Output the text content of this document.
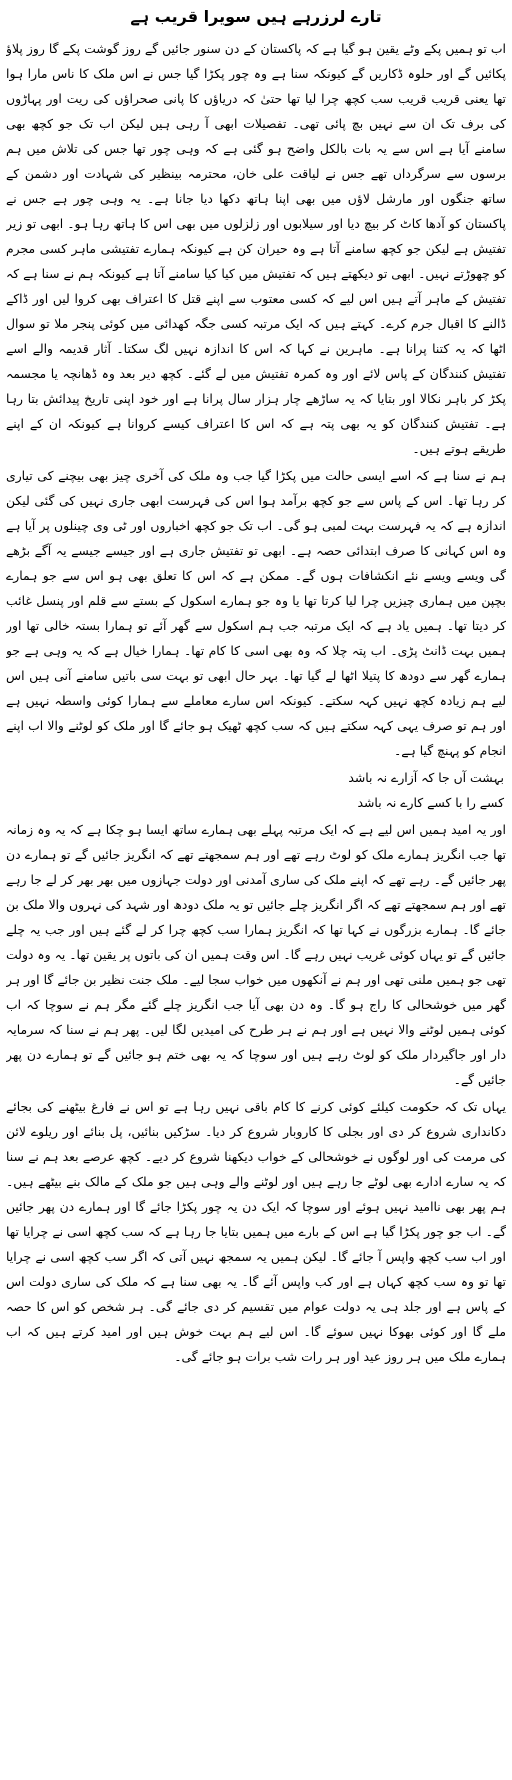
تارے لرزرہے ہیں سویرا قریب ہے

اب تو ہمیں پکے وٹے یقین ہو گیا ہے کہ پاکستان کے دن سنور جائیں گے روز گوشت پکے گا روز پلاؤ پکائیں گے اور حلوہ ڈکاریں گے کیونکہ سنا ہے وہ چور پکڑا گیا جس نے اس ملک کا ناس مارا ہوا تھا یعنی قریب قریب سب کچھ چرا لیا تھا حتیٰ کہ دریاؤں کا پانی صحراؤں کی ریت اور پہاڑوں کی برف تک ان سے نہیں بچ پائی تھی۔ تفصیلات ابھی آ رہی ہیں لیکن اب تک جو کچھ بھی سامنے آیا ہے اس سے یہ بات بالکل واضح ہو گئی ہے کہ وہی چور تھا جس کی تلاش میں ہم برسوں سے سرگرداں تھے جس نے لیاقت علی خان، محترمہ بینظیر کی شہادت اور دشمن کے ساتھ جنگوں اور مارشل لاؤں میں بھی اپنا ہاتھ دکھا دیا جانا ہے۔ یہ وہی چور ہے جس نے پاکستان کو آدھا کاٹ کر بیچ دیا اور سیلابوں اور زلزلوں میں بھی اس کا ہاتھ رہا ہو۔ ابھی تو زیر تفتیش ہے لیکن جو کچھ سامنے آتا ہے وہ حیران کن ہے کیونکہ ہمارے تفتیشی ماہر کسی مجرم کو چھوڑتے نہیں۔ ابھی تو دیکھتے ہیں کہ تفتیش میں کیا کیا سامنے آتا ہے کیونکہ ہم نے سنا ہے کہ تفتیش کے ماہر آتے ہیں اس لیے کہ کسی معتوب سے اپنے قتل کا اعتراف بھی کروا لیں اور ڈاکے ڈالنے کا اقبال جرم کرے۔ کہتے ہیں کہ ایک مرتبہ کسی جگہ کھدائی میں کوئی پنجر ملا تو سوال اٹھا کہ یہ کتنا پرانا ہے۔ ماہرین نے کہا کہ اس کا اندازہ نہیں لگ سکتا۔ آثار قدیمہ والے اسے تفتیش کنندگان کے پاس لائے اور وہ کمرہ تفتیش میں لے گئے۔ کچھ دیر بعد وہ ڈھانچہ یا مجسمہ پکڑ کر باہر نکالا اور بتایا کہ یہ ساڑھے چار ہزار سال پرانا ہے اور خود اپنی تاریخ پیدائش بتا رہا ہے۔ تفتیش کنندگان کو یہ بھی پتہ ہے کہ اس کا اعتراف کیسے کروانا ہے کیونکہ ان کے اپنے طریقے ہوتے ہیں۔

ہم نے سنا ہے کہ اسے ایسی حالت میں پکڑا گیا جب وہ ملک کی آخری چیز بھی بیچنے کی تیاری کر رہا تھا۔ اس کے پاس سے جو کچھ برآمد ہوا اس کی فہرست ابھی جاری نہیں کی گئی لیکن اندازہ ہے کہ یہ فہرست بہت لمبی ہو گی۔ اب تک جو کچھ اخباروں اور ٹی وی چینلوں پر آیا ہے وہ اس کہانی کا صرف ابتدائی حصہ ہے۔ ابھی تو تفتیش جاری ہے اور جیسے جیسے یہ آگے بڑھے گی ویسے ویسے نئے انکشافات ہوں گے۔ ممکن ہے کہ اس کا تعلق بھی ہو اس سے جو ہمارے بچپن میں ہماری چیزیں چرا لیا کرتا تھا یا وہ جو ہمارے اسکول کے بستے سے قلم اور پنسل غائب کر دیتا تھا۔ ہمیں یاد ہے کہ ایک مرتبہ جب ہم اسکول سے گھر آئے تو ہمارا بستہ خالی تھا اور ہمیں بہت ڈانٹ پڑی۔ اب پتہ چلا کہ وہ بھی اسی کا کام تھا۔ ہمارا خیال ہے کہ یہ وہی ہے جو ہمارے گھر سے دودھ کا پتیلا اٹھا لے گیا تھا۔ بہر حال ابھی تو بہت سی باتیں سامنے آنی ہیں اس لیے ہم زیادہ کچھ نہیں کہہ سکتے۔ کیونکہ اس سارے معاملے سے ہمارا کوئی واسطہ نہیں ہے اور ہم تو صرف یہی کہہ سکتے ہیں کہ سب کچھ ٹھیک ہو جائے گا اور ملک کو لوٹنے والا اب اپنے انجام کو پہنچ گیا ہے۔

بہشت آں جا کہ آزارے نہ باشد

کسے را با کسے کارے نہ باشد

اور یہ امید ہمیں اس لیے ہے کہ ایک مرتبہ پہلے بھی ہمارے ساتھ ایسا ہو چکا ہے کہ یہ وہ زمانہ تھا جب انگریز ہمارے ملک کو لوٹ رہے تھے اور ہم سمجھتے تھے کہ انگریز جائیں گے تو ہمارے دن پھر جائیں گے۔ رہے تھے کہ اپنے ملک کی ساری آمدنی اور دولت جہازوں میں بھر بھر کر لے جا رہے تھے اور ہم سمجھتے تھے کہ اگر انگریز چلے جائیں تو یہ ملک دودھ اور شہد کی نہروں والا ملک بن جائے گا۔ ہمارے بزرگوں نے کہا تھا کہ انگریز ہمارا سب کچھ چرا کر لے گئے ہیں اور جب یہ چلے جائیں گے تو یہاں کوئی غریب نہیں رہے گا۔ اس وقت ہمیں ان کی باتوں پر یقین تھا۔ یہ وہ دولت تھی جو ہمیں ملنی تھی اور ہم نے آنکھوں میں خواب سجا لیے۔ ملک جنت نظیر بن جائے گا اور ہر گھر میں خوشحالی کا راج ہو گا۔ وہ دن بھی آیا جب انگریز چلے گئے مگر ہم نے سوچا کہ اب کوئی ہمیں لوٹنے والا نہیں ہے اور ہم نے ہر طرح کی امیدیں لگا لیں۔ پھر ہم نے سنا کہ سرمایہ دار اور جاگیردار ملک کو لوٹ رہے ہیں اور سوچا کہ یہ بھی ختم ہو جائیں گے تو ہمارے دن پھر جائیں گے۔

یہاں تک کہ حکومت کیلئے کوئی کرنے کا کام باقی نہیں رہا ہے تو اس نے فارغ بیٹھنے کی بجائے دکانداری شروع کر دی اور بجلی کا کاروبار شروع کر دیا۔ سڑکیں بنائیں، پل بنائے اور ریلوے لائن کی مرمت کی اور لوگوں نے خوشحالی کے خواب دیکھنا شروع کر دیے۔ کچھ عرصے بعد ہم نے سنا کہ یہ سارے ادارے بھی لوٹے جا رہے ہیں اور لوٹنے والے وہی ہیں جو ملک کے مالک بنے بیٹھے ہیں۔ ہم پھر بھی ناامید نہیں ہوئے اور سوچا کہ ایک دن یہ چور پکڑا جائے گا اور ہمارے دن پھر جائیں گے۔ اب جو چور پکڑا گیا ہے اس کے بارے میں ہمیں بتایا جا رہا ہے کہ سب کچھ اسی نے چرایا تھا اور اب سب کچھ واپس آ جائے گا۔ لیکن ہمیں یہ سمجھ نہیں آتی کہ اگر سب کچھ اسی نے چرایا تھا تو وہ سب کچھ کہاں ہے اور کب واپس آئے گا۔ یہ بھی سنا ہے کہ ملک کی ساری دولت اس کے پاس ہے اور جلد ہی یہ دولت عوام میں تقسیم کر دی جائے گی۔ ہر شخص کو اس کا حصہ ملے گا اور کوئی بھوکا نہیں سوئے گا۔ اس لیے ہم بہت خوش ہیں اور امید کرتے ہیں کہ اب ہمارے ملک میں ہر روز عید اور ہر رات شب برات ہو جائے گی۔
